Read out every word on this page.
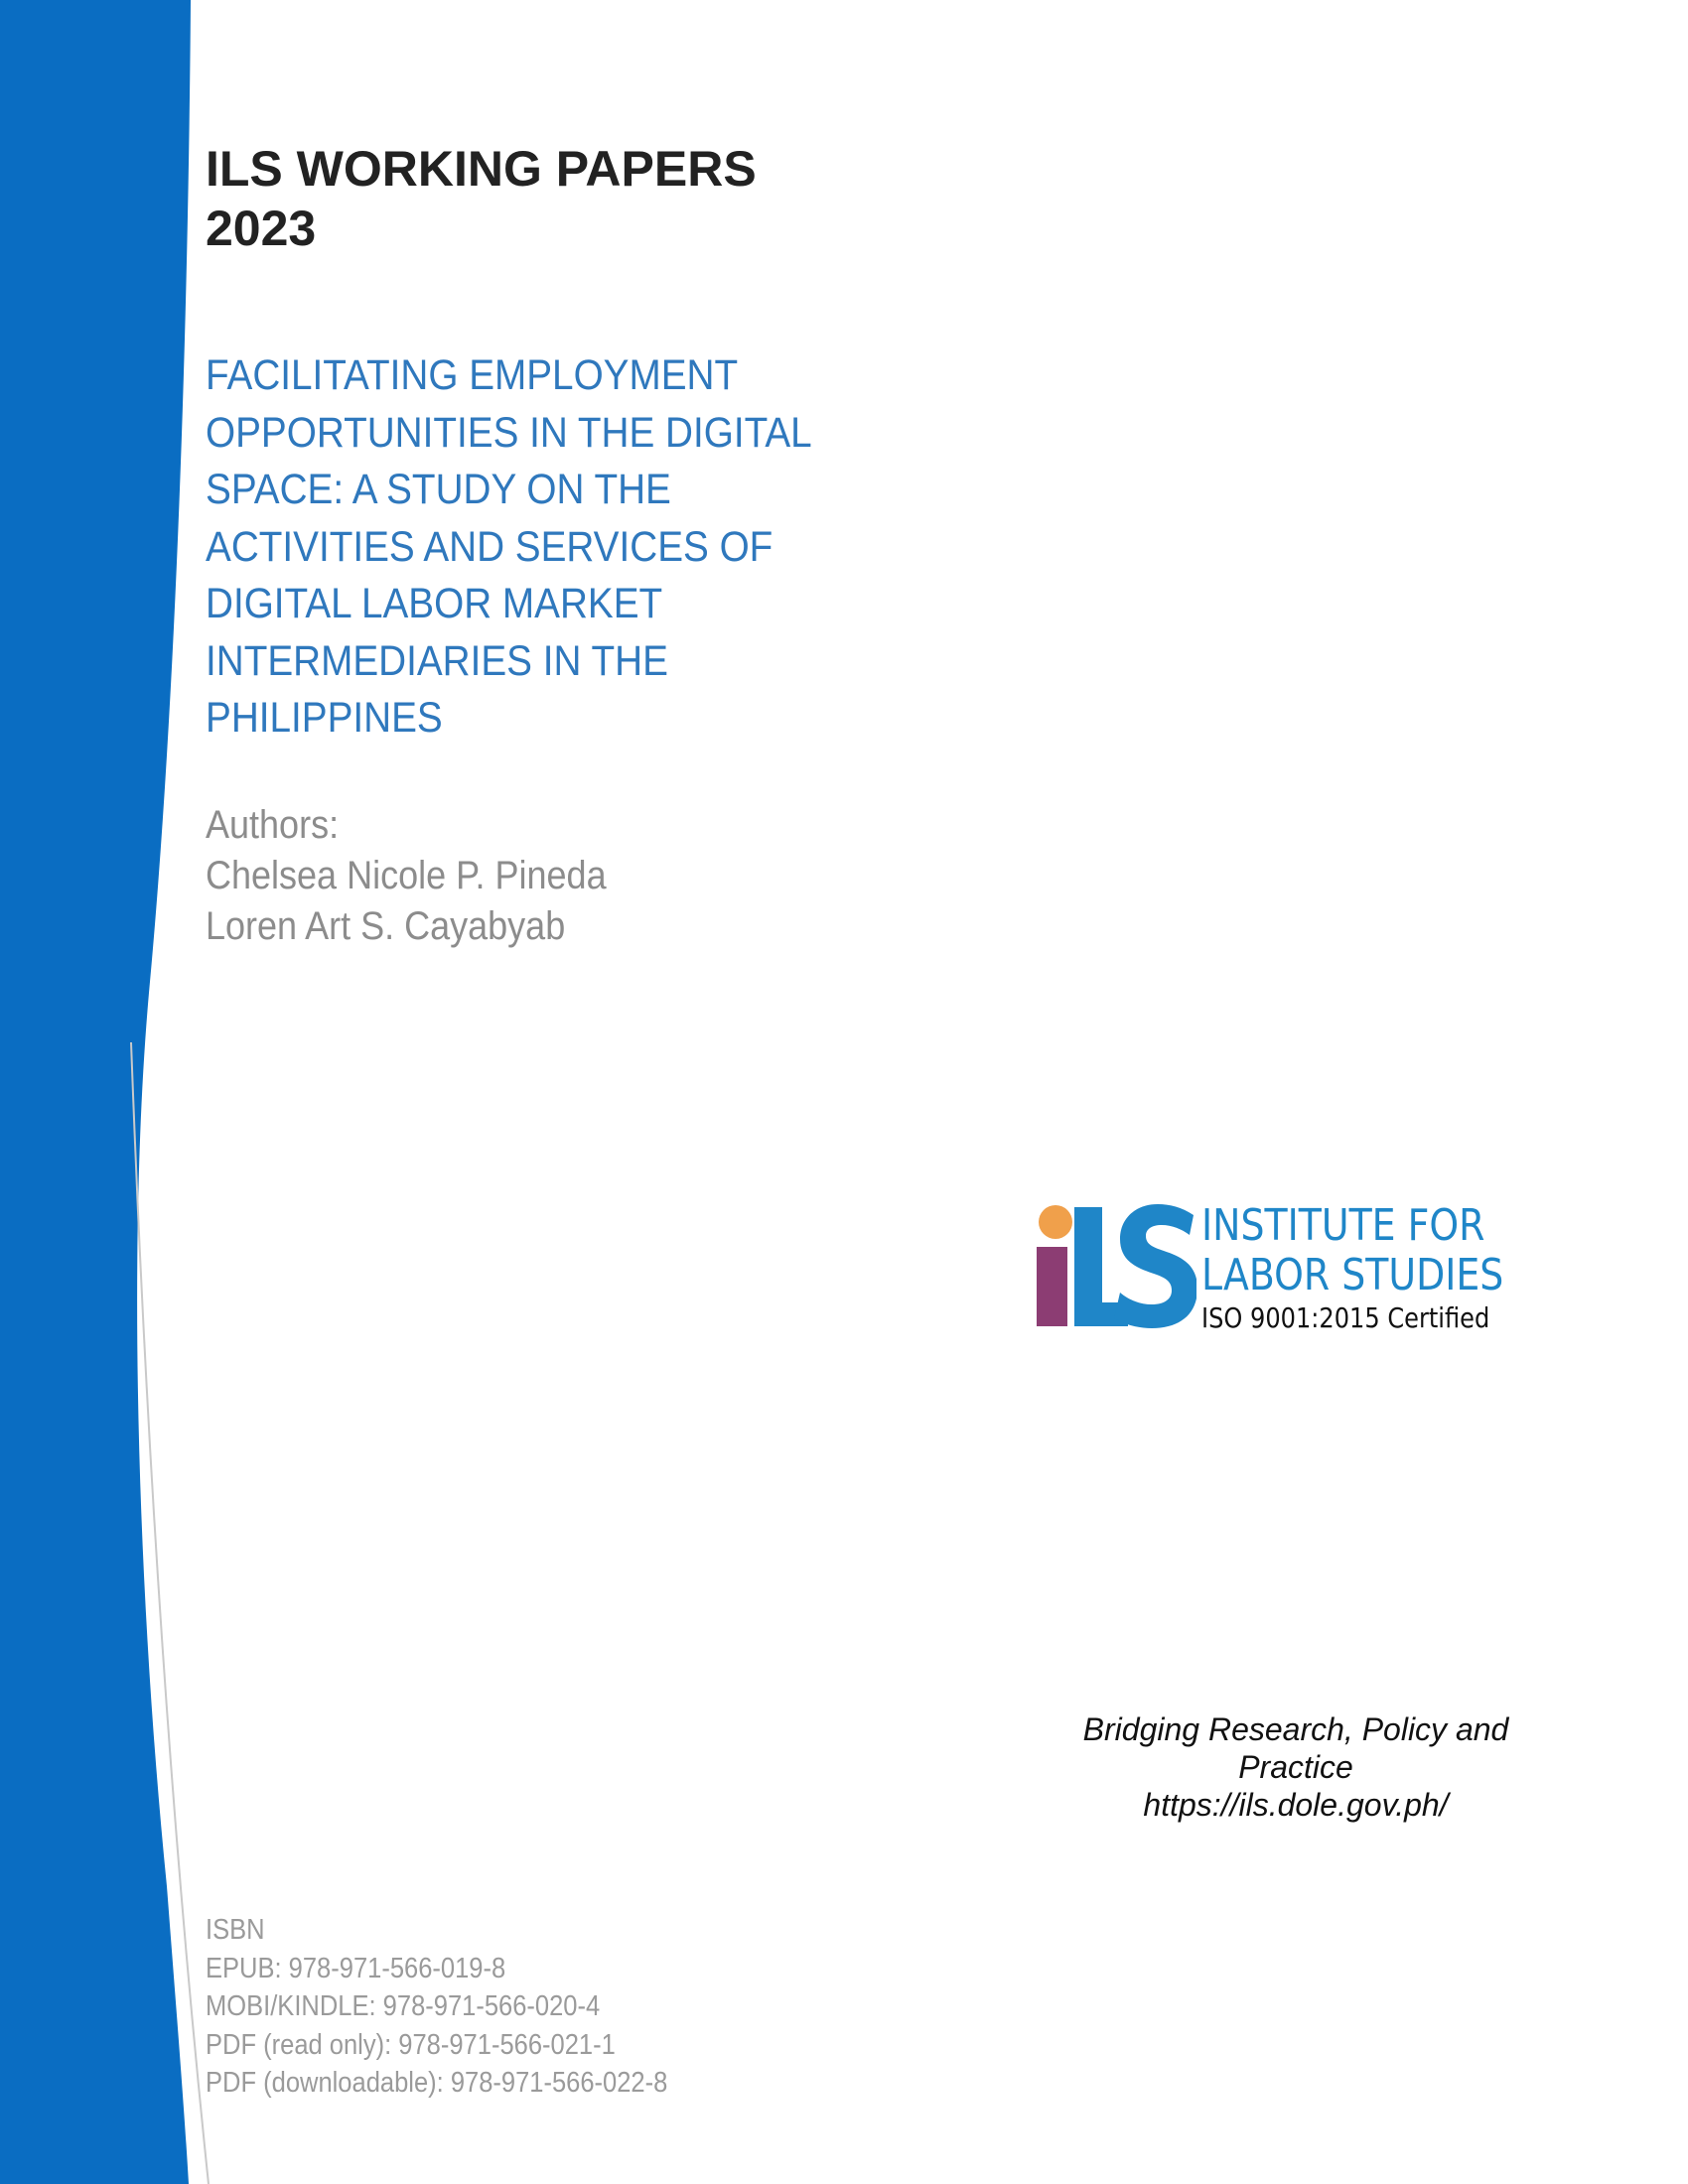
ILS WORKING PAPERS
2023
FACILITATING EMPLOYMENT
OPPORTUNITIES IN THE DIGITAL
SPACE: A STUDY ON THE
ACTIVITIES AND SERVICES OF
DIGITAL LABOR MARKET
INTERMEDIARIES IN THE
PHILIPPINES
Authors:
Chelsea Nicole P. Pineda
Loren Art S. Cayabyab
INSTITUTE FOR
LABOR STUDIES
ISO 9001:2015 Certified
Bridging Research, Policy and
Practice
https://ils.dole.gov.ph/
ISBN
EPUB: 978-971-566-019-8
MOBI/KINDLE: 978-971-566-020-4
PDF (read only): 978-971-566-021-1
PDF (downloadable): 978-971-566-022-8
